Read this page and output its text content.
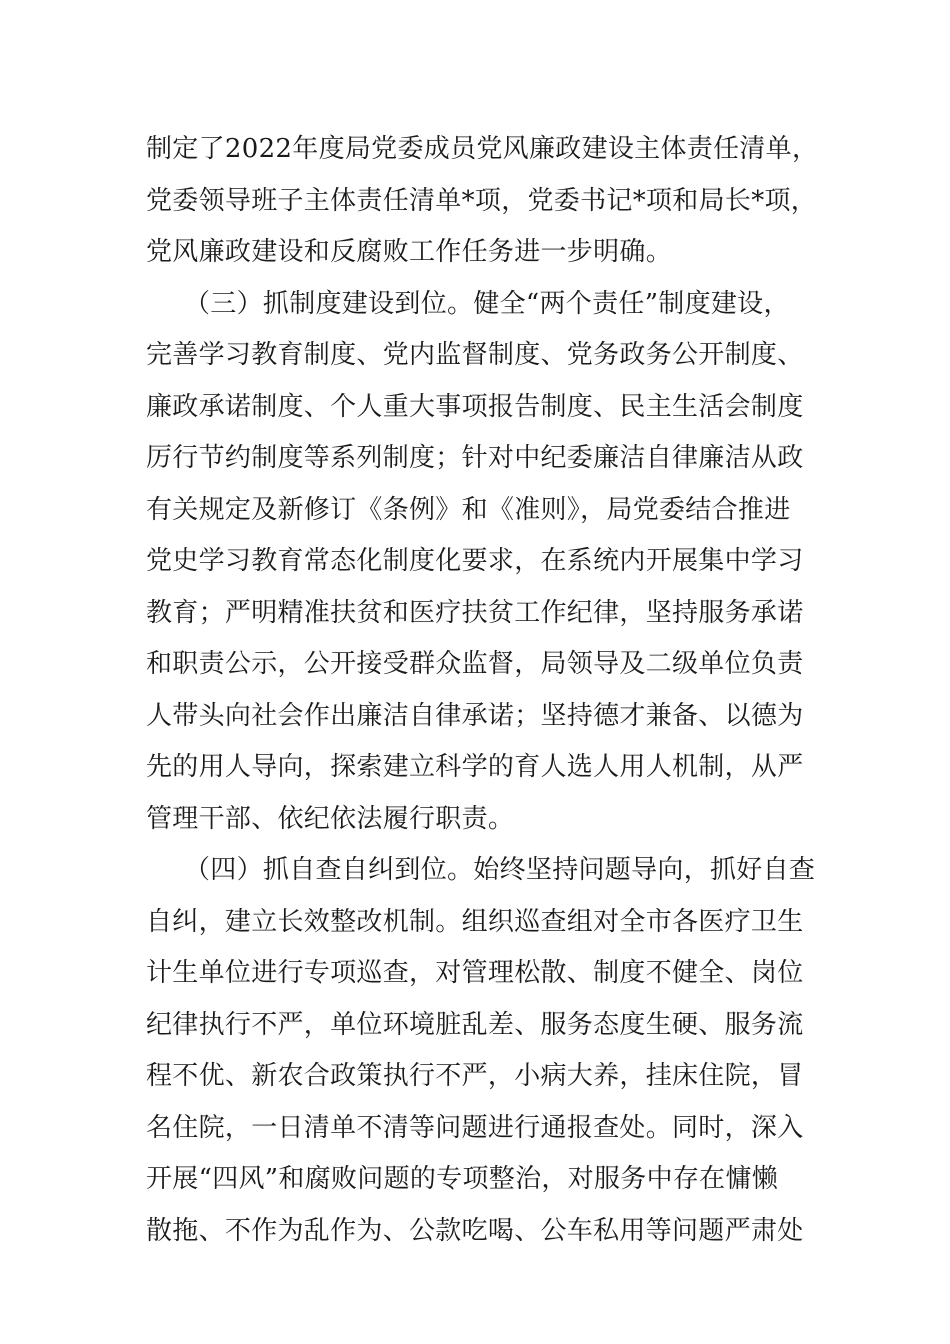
制定了2022年度局党委成员党风廉政建设主体责任清单，
党委领导班子主体责任清单*项，党委书记*项和局长*项，
党风廉政建设和反腐败工作任务进一步明确。
（三）抓制度建设到位。健全“两个责任”制度建设，
完善学习教育制度、党内监督制度、党务政务公开制度、
廉政承诺制度、个人重大事项报告制度、民主生活会制度
厉行节约制度等系列制度；针对中纪委廉洁自律廉洁从政
有关规定及新修订《条例》和《准则》，局党委结合推进
党史学习教育常态化制度化要求，在系统内开展集中学习
教育；严明精准扶贫和医疗扶贫工作纪律，坚持服务承诺
和职责公示，公开接受群众监督，局领导及二级单位负责
人带头向社会作出廉洁自律承诺；坚持德才兼备、以德为
先的用人导向，探索建立科学的育人选人用人机制，从严
管理干部、依纪依法履行职责。
（四）抓自查自纠到位。始终坚持问题导向，抓好自查
自纠，建立长效整改机制。组织巡查组对全市各医疗卫生
计生单位进行专项巡查，对管理松散、制度不健全、岗位
纪律执行不严，单位环境脏乱差、服务态度生硬、服务流
程不优、新农合政策执行不严，小病大养，挂床住院，冒
名住院，一日清单不清等问题进行通报查处。同时，深入
开展“四风”和腐败问题的专项整治，对服务中存在慵懒
散拖、不作为乱作为、公款吃喝、公车私用等问题严肃处
